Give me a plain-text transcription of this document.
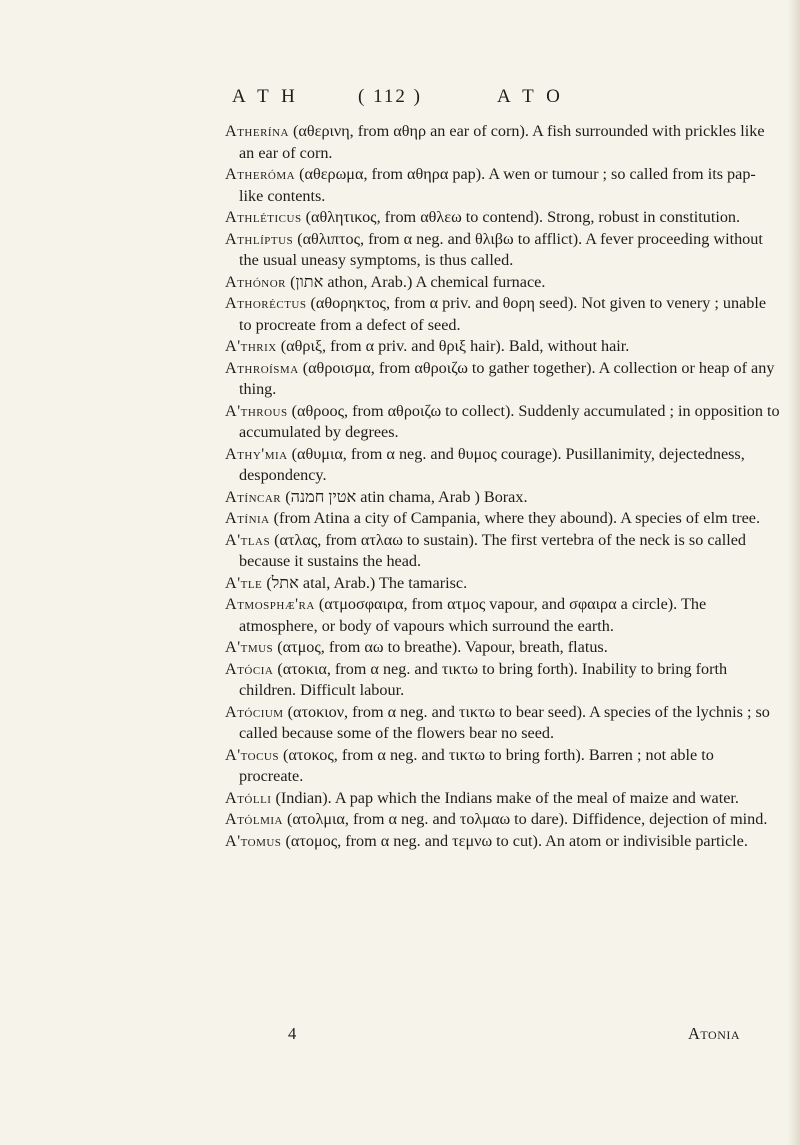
A T H	( 112 )	A T O

Atherína (αθερινη, from αθηρ an ear of corn). A fish surrounded with prickles like an ear of corn.

Atheróma (αθερωμα, from αθηρα pap). A wen or tumour ; so called from its pap-like contents.

Athléticus (αθλητικος, from αθλεω to contend). Strong, robust in constitution.

Athlíptus (αθλιπτος, from α neg. and θλιβω to afflict). A fever proceeding without the usual uneasy symptoms, is thus called.

Athónor (אתון athon, Arab.) A chemical furnace.

Athoréctus (αθορηκτος, from α priv. and θορη seed). Not given to venery ; unable to procreate from a defect of seed.

A'thrix (αθριξ, from α priv. and θριξ hair). Bald, without hair.

Athroísma (αθροισμα, from αθροιζω to gather together). A collection or heap of any thing.

A'throus (αθροος, from αθροιζω to collect). Suddenly accumulated ; in opposition to accumulated by degrees.

Athy'mia (αθυμια, from α neg. and θυμος courage). Pusillanimity, dejectedness, despondency.

Atíncar (אטין חמנה atin chama, Arab ) Borax.

Atínia (from Atina a city of Campania, where they abound). A species of elm tree.

A'tlas (ατλας, from ατλαω to sustain). The first vertebra of the neck is so called because it sustains the head.

A'tle (אתל atal, Arab.) The tamarisc.

Atmosphæ'ra (ατμοσφαιρα, from ατμος vapour, and σφαιρα a circle). The atmosphere, or body of vapours which surround the earth.

A'tmus (ατμος, from αω to breathe). Vapour, breath, flatus.

Atócia (ατοκια, from α neg. and τικτω to bring forth). Inability to bring forth children. Difficult labour.

Atócium (ατοκιον, from α neg. and τικτω to bear seed). A species of the lychnis ; so called because some of the flowers bear no seed.

A'tocus (ατοκος, from α neg. and τικτω to bring forth). Barren ; not able to procreate.

Atólli (Indian). A pap which the Indians make of the meal of maize and water.

Atólmia (ατολμια, from α neg. and τολμαω to dare). Diffidence, dejection of mind.

A'tomus (ατομος, from α neg. and τεμνω to cut). An atom or indivisible particle.

4	Atonia
